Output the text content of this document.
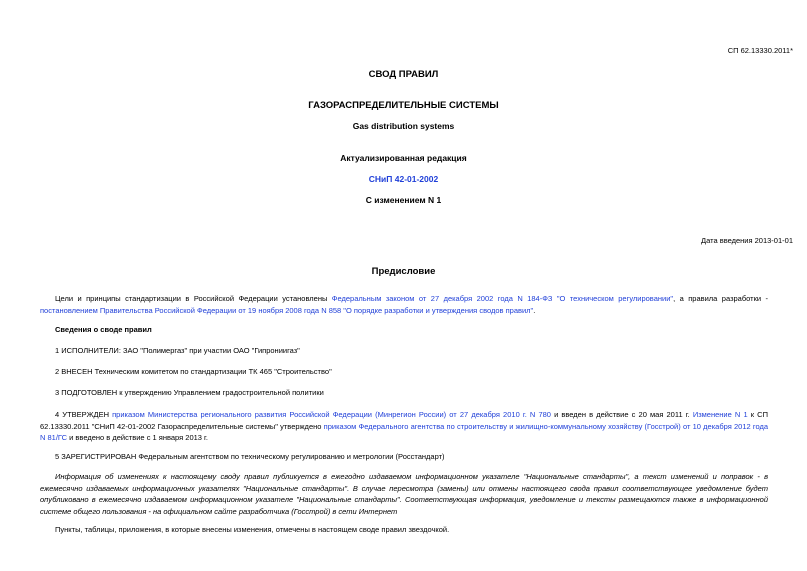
СП 62.13330.2011*
СВОД ПРАВИЛ
ГАЗОРАСПРЕДЕЛИТЕЛЬНЫЕ СИСТЕМЫ
Gas distribution systems
Актуализированная редакция
СНиП 42-01-2002
С изменением N 1
Дата введения 2013-01-01
Предисловие
Цели и принципы стандартизации в Российской Федерации установлены Федеральным законом от 27 декабря 2002 года N 184-ФЗ "О техническом регулировании", а правила разработки - постановлением Правительства Российской Федерации от 19 ноября 2008 года N 858 "О порядке разработки и утверждения сводов правил".
Сведения о своде правил
1 ИСПОЛНИТЕЛИ: ЗАО "Полимергаз" при участии ОАО "Гипрониигаз"
2 ВНЕСЕН Техническим комитетом по стандартизации ТК 465 "Строительство"
3 ПОДГОТОВЛЕН к утверждению Управлением градостроительной политики
4 УТВЕРЖДЕН приказом Министерства регионального развития Российской Федерации (Минрегион России) от 27 декабря 2010 г. N 780 и введен в действие с 20 мая 2011 г. Изменение N 1 к СП 62.13330.2011 "СНиП 42-01-2002 Газораспределительные системы" утверждено приказом Федерального агентства по строительству и жилищно-коммунальному хозяйству (Госстрой) от 10 декабря 2012 года N 81/ГС и введено в действие с 1 января 2013 г.
5 ЗАРЕГИСТРИРОВАН Федеральным агентством по техническому регулированию и метрологии (Росстандарт)
Информация об изменениях к настоящему своду правил публикуется в ежегодно издаваемом информационном указателе "Национальные стандарты", а текст изменений и поправок - в ежемесячно издаваемых информационных указателях "Национальные стандарты". В случае пересмотра (замены) или отмены настоящего свода правил соответствующее уведомление будет опубликовано в ежемесячно издаваемом информационном указателе "Национальные стандарты". Соответствующая информация, уведомление и тексты размещаются также в информационной системе общего пользования - на официальном сайте разработчика (Госстрой) в сети Интернет
Пункты, таблицы, приложения, в которые внесены изменения, отмечены в настоящем своде правил звездочкой.
